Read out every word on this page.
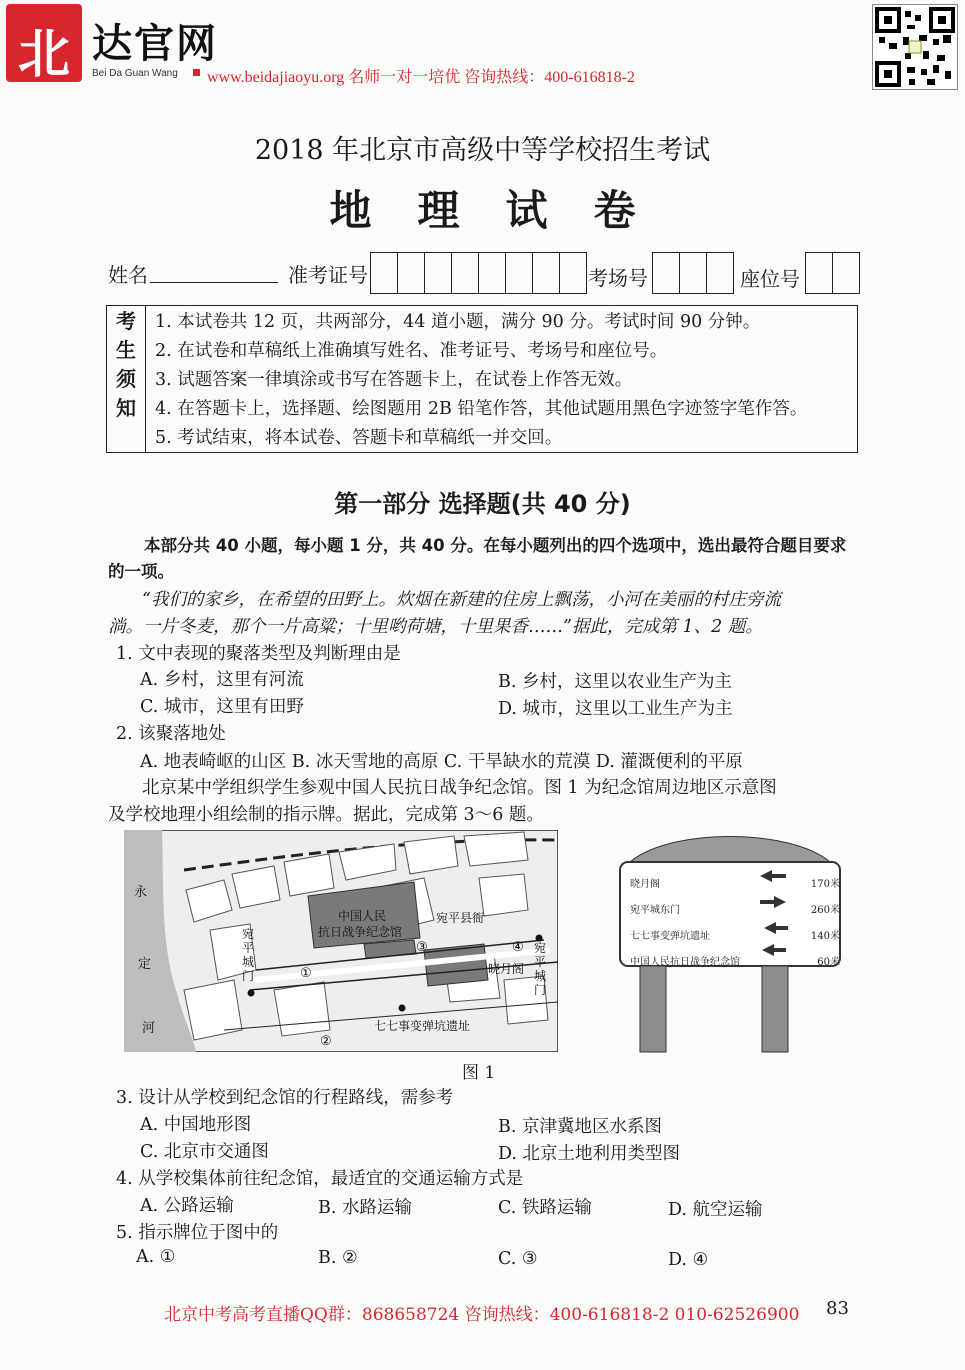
北 达官网
Bei Da Guan Wang www.beidajiaoyu.org 名师一对一培优 咨询热线：400-616818-2
2018 年北京市高级中等学校招生考试
地理试卷
姓名	准考证号	考场号	座位号
考
生
须
知
1. 本试卷共 12 页，共两部分，44 道小题，满分 90 分。考试时间 90 分钟。
2. 在试卷和草稿纸上准确填写姓名、准考证号、考场号和座位号。
3. 试题答案一律填涂或书写在答题卡上，在试卷上作答无效。
4. 在答题卡上，选择题、绘图题用 2B 铅笔作答，其他试题用黑色字迹签字笔作答。
5. 考试结束，将本试卷、答题卡和草稿纸一并交回。
第一部分 选择题(共 40 分)
本部分共 40 小题，每小题 1 分，共 40 分。在每小题列出的四个选项中，选出最符合题目要求的一项。
“我们的家乡，在希望的田野上。炊烟在新建的住房上飘荡，小河在美丽的村庄旁流
淌。一片冬麦，那个一片高粱；十里哟荷塘，十里果香……”据此，完成第 1、2 题。
1. 文中表现的聚落类型及判断理由是
A. 乡村，这里有河流	B. 乡村，这里以农业生产为主
C. 城市，这里有田野	D. 城市，这里以工业生产为主
2. 该聚落地处
A. 地表崎岖的山区 B. 冰天雪地的高原 C. 干旱缺水的荒漠 D. 灌溉便利的平原
北京某中学组织学生参观中国人民抗日战争纪念馆。图 1 为纪念馆周边地区示意图
及学校地理小组绘制的指示牌。据此，完成第 3～6 题。
永
定
河
中国人民抗日战争纪念馆
宛平县衙
晓月阁
七七事变弹坑遗址
宛
平
城
门
宛
平
城
门
①
②
③	④
晓月阁	170米
宛平城东门	260米
七七事变弹坑遗址	140米
中国人民抗日战争纪念馆	60米
图 1
3. 设计从学校到纪念馆的行程路线，需参考
A. 中国地形图	B. 京津冀地区水系图
C. 北京市交通图	D. 北京土地利用类型图
4. 从学校集体前往纪念馆，最适宜的交通运输方式是
A. 公路运输	B. 水路运输	C. 铁路运输	D. 航空运输
5. 指示牌位于图中的
A. ①	B. ②	C. ③	D. ④
北京中考高考直播QQ群：868658724 咨询热线：400-616818-2 010-62526900 83
